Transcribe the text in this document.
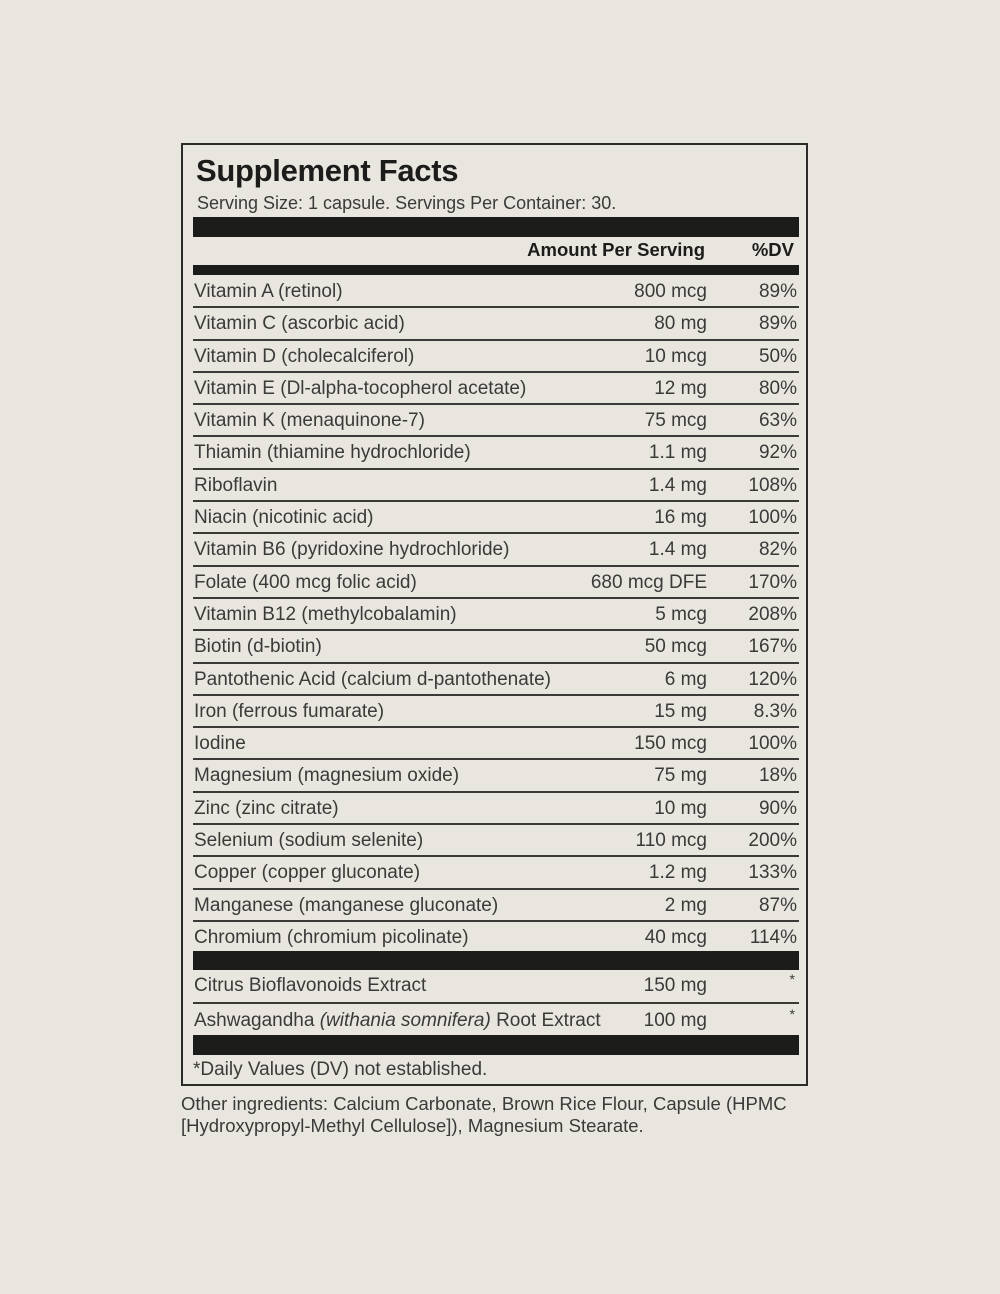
Supplement Facts
Serving Size: 1 capsule. Servings Per Container: 30.
Amount Per Serving	%DV
Vitamin A (retinol)	800 mcg	89%
Vitamin C (ascorbic acid)	80 mg	89%
Vitamin D (cholecalciferol)	10 mcg	50%
Vitamin E (Dl-alpha-tocopherol acetate)	12 mg	80%
Vitamin K (menaquinone-7)	75 mcg	63%
Thiamin (thiamine hydrochloride)	1.1 mg	92%
Riboflavin	1.4 mg 108%
Niacin (nicotinic acid)	16 mg 100%
Vitamin B6 (pyridoxine hydrochloride)	1.4 mg	82%
Folate (400 mcg folic acid)	680 mcg DFE 170%
Vitamin B12 (methylcobalamin)	5 mcg 208%
Biotin (d-biotin)	50 mcg 167%
Pantothenic Acid (calcium d-pantothenate)	6 mg 120%
Iron (ferrous fumarate)	15 mg 8.3%
Iodine	150 mcg 100%
Magnesium (magnesium oxide)	75 mg	18%
Zinc (zinc citrate)	10 mg	90%
Selenium (sodium selenite)	110 mcg 200%
Copper (copper gluconate)	1.2 mg 133%
Manganese (manganese gluconate)	2 mg	87%
Chromium (chromium picolinate)	40 mcg 114%
Citrus Bioflavonoids Extract	150 mg	*
Ashwagandha (withania somnifera) Root Extract 100 mg	*
*Daily Values (DV) not established.
Other ingredients: Calcium Carbonate, Brown Rice Flour, Capsule (HPMC [Hydroxypropyl-Methyl Cellulose]), Magnesium Stearate.
